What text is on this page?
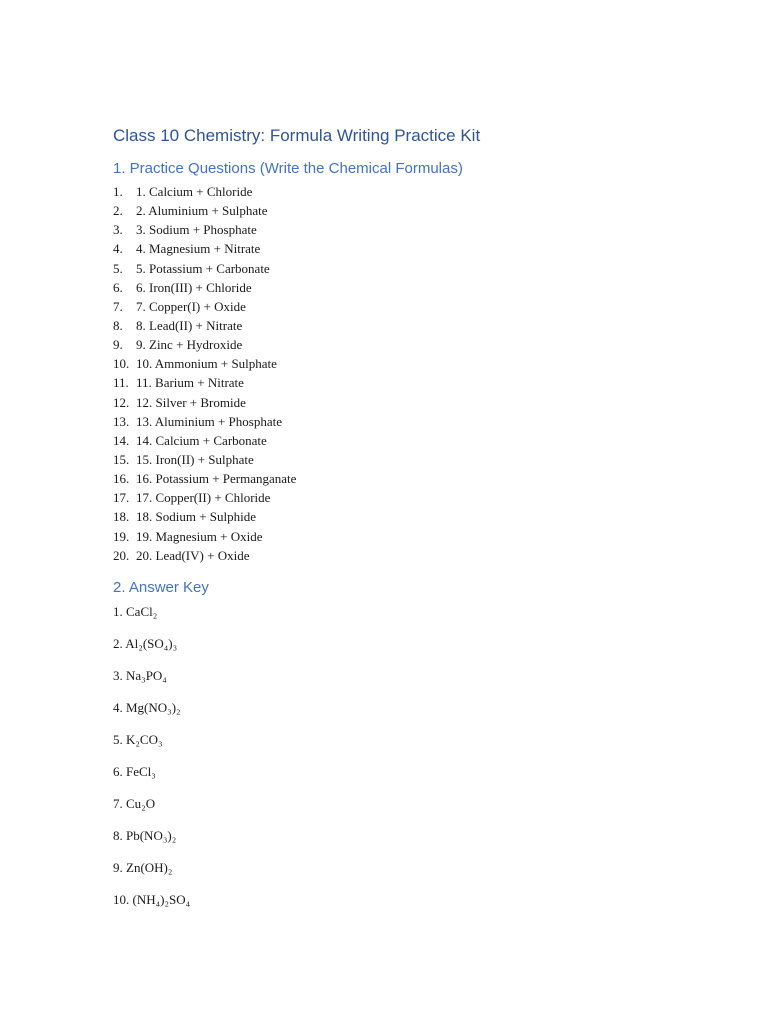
Class 10 Chemistry: Formula Writing Practice Kit
1. Practice Questions (Write the Chemical Formulas)
1.	1. Calcium + Chloride
2.	2. Aluminium + Sulphate
3.	3. Sodium + Phosphate
4.	4. Magnesium + Nitrate
5.	5. Potassium + Carbonate
6.	6. Iron(III) + Chloride
7.	7. Copper(I) + Oxide
8.	8. Lead(II) + Nitrate
9.	9. Zinc + Hydroxide
10. 10. Ammonium + Sulphate
11. 11. Barium + Nitrate
12. 12. Silver + Bromide
13. 13. Aluminium + Phosphate
14. 14. Calcium + Carbonate
15. 15. Iron(II) + Sulphate
16. 16. Potassium + Permanganate
17. 17. Copper(II) + Chloride
18. 18. Sodium + Sulphide
19. 19. Magnesium + Oxide
20. 20. Lead(IV) + Oxide
2. Answer Key
1. CaCl₂
2. Al₂(SO₄)₃
3. Na₃PO₄
4. Mg(NO₃)₂
5. K₂CO₃
6. FeCl₃
7. Cu₂O
8. Pb(NO₃)₂
9. Zn(OH)₂
10. (NH₄)₂SO₄
